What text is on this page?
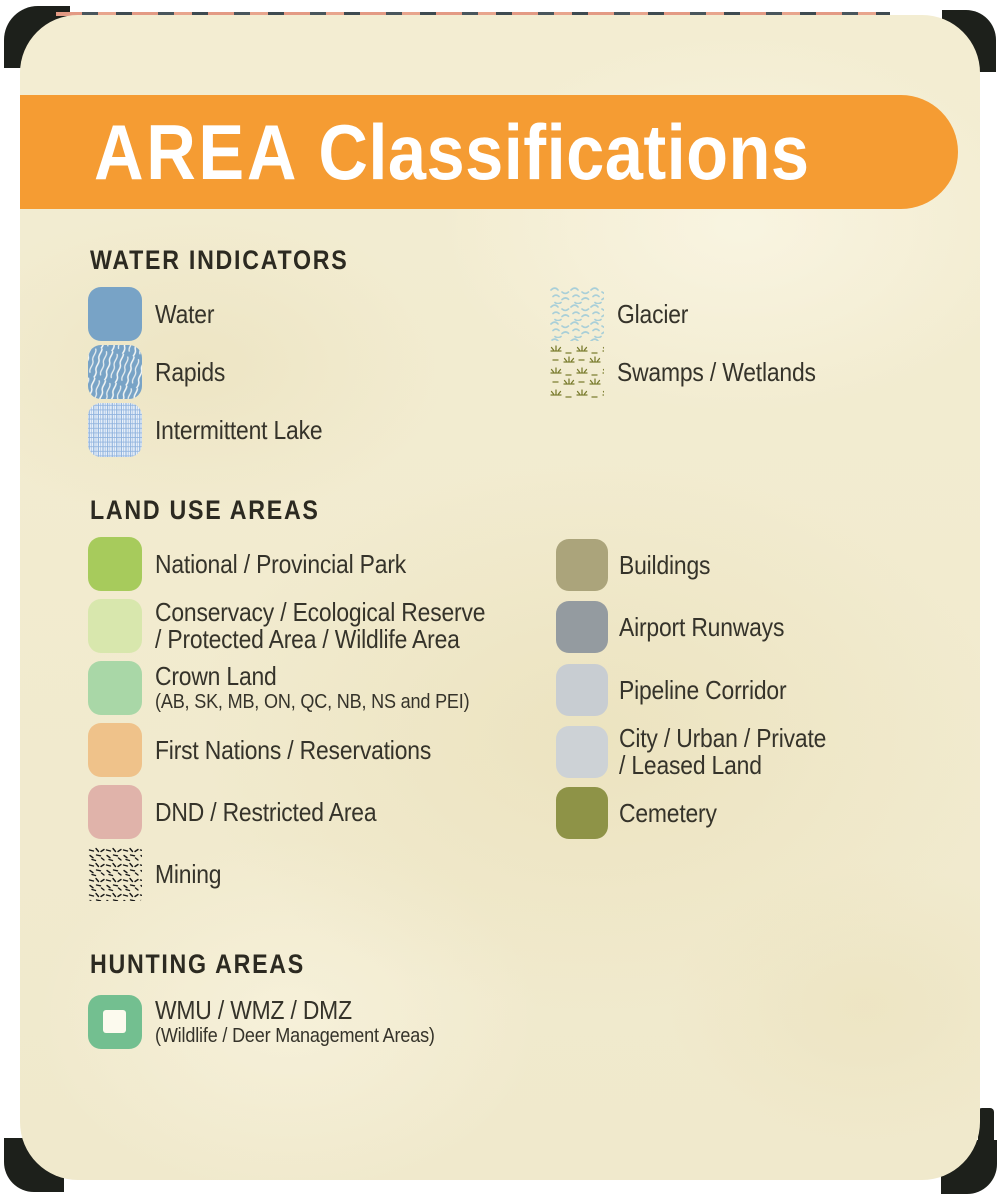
AREA Classifications
WATER INDICATORS
Water
Rapids
Intermittent Lake
Glacier
Swamps / Wetlands
LAND USE AREAS
National / Provincial Park
Conservacy / Ecological Reserve
/ Protected Area / Wildlife Area
Crown Land
(AB, SK, MB, ON, QC, NB, NS and PEI)
First Nations / Reservations
DND / Restricted Area
Mining
Buildings
Airport Runways
Pipeline Corridor
City / Urban / Private
/ Leased Land
Cemetery
HUNTING AREAS
WMU / WMZ / DMZ
(Wildlife / Deer Management Areas)
